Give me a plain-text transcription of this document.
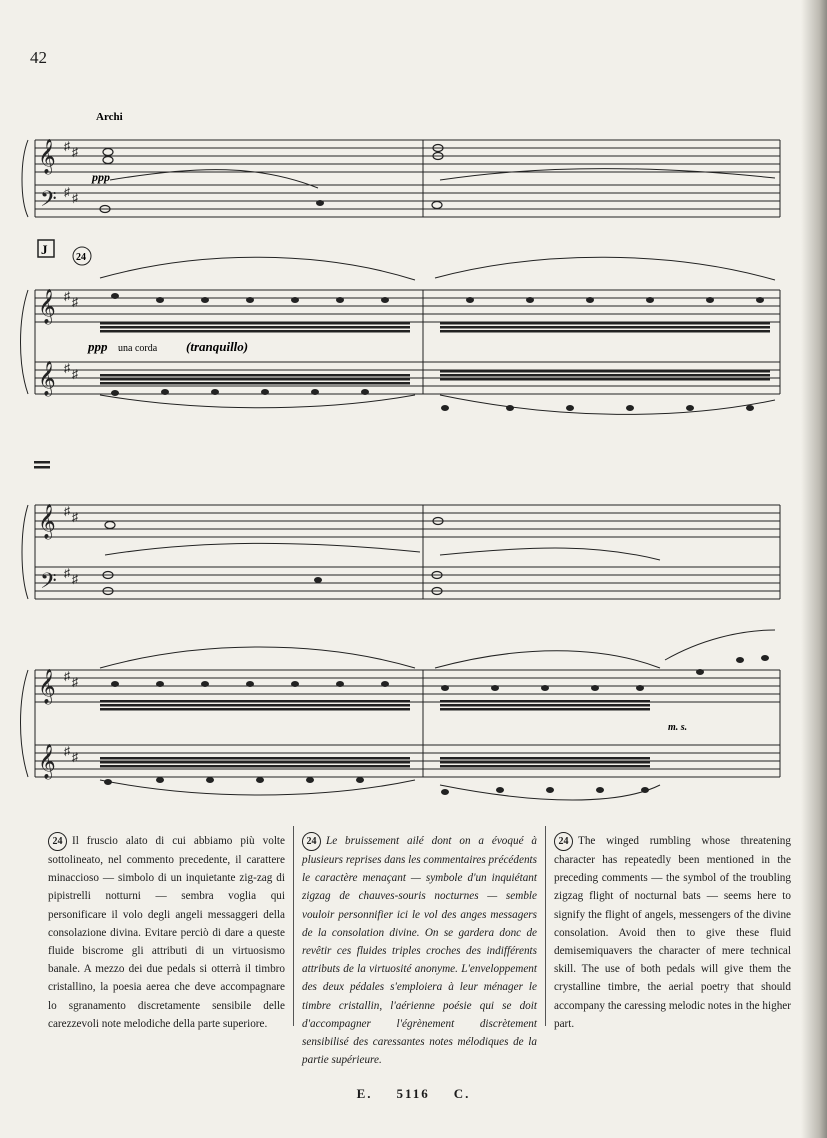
42
𝄞
𝄢
𝄞
𝄞
𝄞
𝄢
𝄞
𝄞
♯ ♯
♯ ♯
♯ ♯
♯ ♯
♯ ♯
♯ ♯
♯ ♯
♯ ♯
Archi
ppp
J
24
ppp una corda (tranquillo)
m. s.
24 Il fruscio alato di cui abbiamo più volte sottolineato, nel commento precedente, il carattere minaccioso — simbolo di un inquietante zig-zag di pipistrelli notturni — sembra voglia qui personificare il volo degli angeli messaggeri della consolazione divina. Evitare perciò di dare a queste fluide biscrome gli attributi di un virtuosismo banale. A mezzo dei due pedals si otterrà il timbro cristallino, la poesia aerea che deve accompagnare lo sgranamento discretamente sensibile delle carezzevoli note melodiche della parte superiore.
24 Le bruissement ailé dont on a évoqué à plusieurs reprises dans les commentaires précédents le caractère menaçant — symbole d'un inquiétant zigzag de chauves-souris nocturnes — semble vouloir personnifier ici le vol des anges messagers de la consolation divine. On se gardera donc de revêtir ces fluides triples croches des indifférents attributs de la virtuosité anonyme. L'enveloppement des deux pédales s'emploiera à leur ménager le timbre cristallin, l'aérienne poésie qui se doit d'accompagner l'égrènement discrètement sensibilisé des caressantes notes mélodiques de la partie supérieure.
24 The winged rumbling whose threatening character has repeatedly been mentioned in the preceding comments — the symbol of the troubling zigzag flight of nocturnal bats — seems here to signify the flight of angels, messengers of the divine consolation. Avoid then to give these fluid demisemiquavers the character of mere technical skill. The use of both pedals will give them the crystalline timbre, the aerial poetry that should accompany the caressing melodic notes in the higher part.
E. 5116 C.
